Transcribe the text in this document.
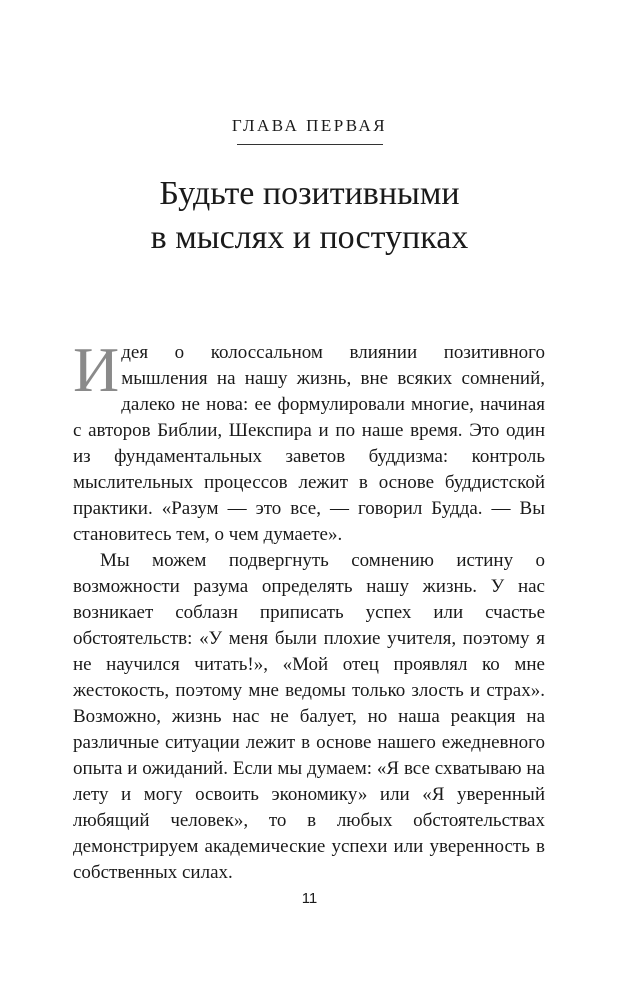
ГЛАВА ПЕРВАЯ
Будьте позитивными
в мыслях и поступках

Идея о колоссальном влиянии позитивного мышления на нашу жизнь, вне всяких сомнений, далеко не нова: ее формулировали многие, начиная с авторов Библии, Шекспира и по наше время. Это один из фундаментальных заветов буддизма: контроль мыслительных процессов лежит в основе буддистской практики. «Разум — это все, — говорил Будда. — Вы становитесь тем, о чем думаете».

Мы можем подвергнуть сомнению истину о возможности разума определять нашу жизнь. У нас возникает соблазн приписать успех или счастье обстоятельств: «У меня были плохие учителя, поэтому я не научился читать!», «Мой отец проявлял ко мне жестокость, поэтому мне ведомы только злость и страх». Возможно, жизнь нас не балует, но наша реакция на различные ситуации лежит в основе нашего ежедневного опыта и ожиданий. Если мы думаем: «Я все схватываю на лету и могу освоить экономику» или «Я уверенный любящий человек», то в любых обстоятельствах демонстрируем академические успехи или уверенность в собственных силах.

11
